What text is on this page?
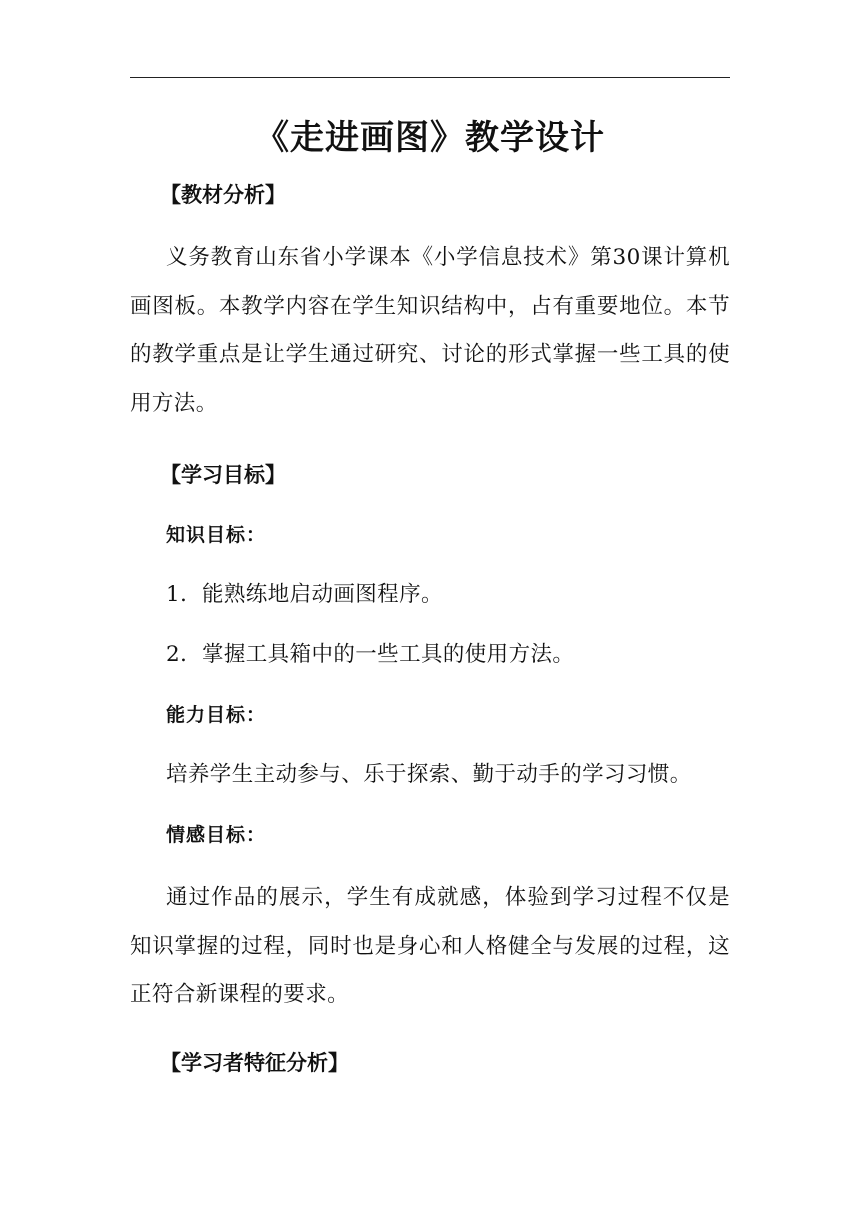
《走进画图》教学设计

【教材分析】

义务教育山东省小学课本《小学信息技术》第30课计算机画图板。本教学内容在学生知识结构中，占有重要地位。本节的教学重点是让学生通过研究、讨论的形式掌握一些工具的使用方法。

【学习目标】

知识目标：

1．能熟练地启动画图程序。

2．掌握工具箱中的一些工具的使用方法。

能力目标：

培养学生主动参与、乐于探索、勤于动手的学习习惯。

情感目标：

通过作品的展示，学生有成就感，体验到学习过程不仅是知识掌握的过程，同时也是身心和人格健全与发展的过程，这正符合新课程的要求。

【学习者特征分析】
